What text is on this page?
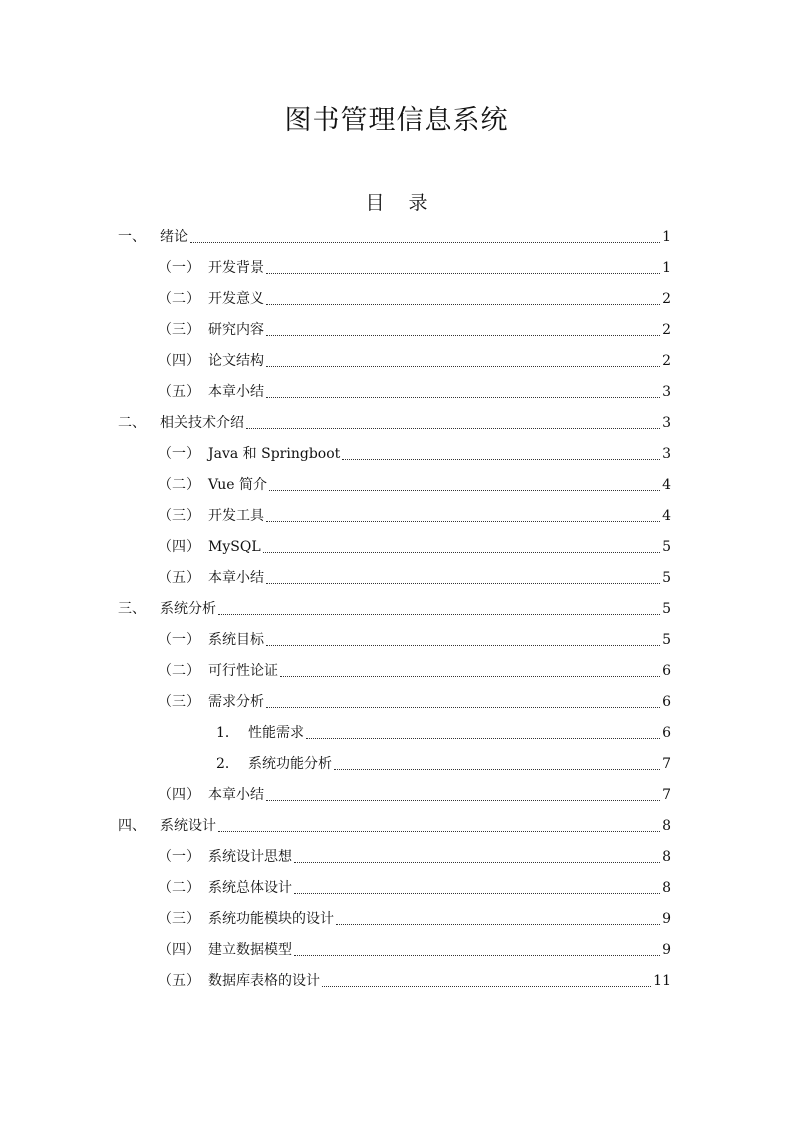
图书管理信息系统
目 录
一、 绪论	1
（一） 开发背景	1
（二） 开发意义	2
（三） 研究内容	2
（四） 论文结构	2
（五） 本章小结	3
二、 相关技术介绍	3
（一） Java 和 Springboot	3
（二） Vue 简介	4
（三） 开发工具	4
（四） MySQL	5
（五） 本章小结	5
三、 系统分析	5
（一） 系统目标	5
（二） 可行性论证	6
（三） 需求分析	6
1． 性能需求	6
2． 系统功能分析	7
（四） 本章小结	7
四、 系统设计	8
（一） 系统设计思想	8
（二） 系统总体设计	8
（三） 系统功能模块的设计	9
（四） 建立数据模型	9
（五） 数据库表格的设计	11
